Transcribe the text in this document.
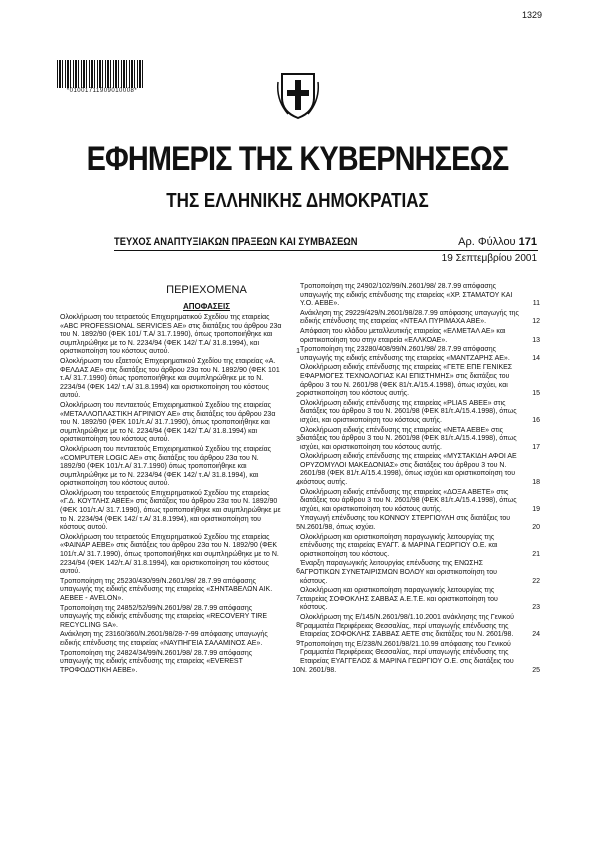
1329
*01001711909010008*
ΕΦΗΜΕΡΙΣ ΤΗΣ ΚΥΒΕΡΝΗΣΕΩΣ
ΤΗΣ ΕΛΛΗΝΙΚΗΣ ΔΗΜΟΚΡΑΤΙΑΣ
ΤΕΥΧΟΣ ΑΝΑΠΤΥΞΙΑΚΩΝ ΠΡΑΞΕΩΝ ΚΑΙ ΣΥΜΒΑΣΕΩΝ	Αρ. Φύλλου 171
19 Σεπτεμβρίου 2001
ΠΕΡΙΕΧΟΜΕΝΑ
ΑΠΟΦΑΣΕΙΣ
Ολοκλήρωση του τετραετούς Επιχειρηματικού Σχεδίου της εταιρείας «ABC PROFESSIONAL SERVICES AE» στις διατάξεις του άρθρου 23α του Ν. 1892/90 (ΦΕΚ 101/ Τ.Α/ 31.7.1990), όπως τροποποιήθηκε και συμπληρώθηκε με το Ν. 2234/94 (ΦΕΚ 142/ Τ.Α/ 31.8.1994), και οριστικοποίηση του κόστους αυτού.	1
Ολοκλήρωση του εξαετούς Επιχειρηματικού Σχεδίου της εταιρείας «Α. ΦΕΛΔΑΣ ΑΕ» στις διατάξεις του άρθρου 23α του Ν. 1892/90 (ΦΕΚ 101 τ.Α/ 31.7.1990) όπως τροποποιήθηκε και συμπληρώθηκε με το Ν. 2234/94 (ΦΕΚ 142/ τ.Α/ 31.8.1994) και οριστικοποίηση του κόστους αυτού.	2
Ολοκλήρωση του πενταετούς Επιχειρηματικού Σχεδίου της εταιρείας «ΜΕΤΑΛΛΟΠΛΑΣΤΙΚΗ ΑΓΡΙΝΙΟΥ ΑΕ» στις διατάξεις του άρθρου 23α του Ν. 1892/90 (ΦΕΚ 101/τ.Α/ 31.7.1990), όπως τροποποιήθηκε και συμπληρώθηκε με το Ν. 2234/94 (ΦΕΚ 142/ Τ.Α/ 31.8.1994) και οριστικοποίηση του κόστους αυτού.	3
Ολοκλήρωση του πενταετούς Επιχειρηματικού Σχεδίου της εταιρείας «COMPUTER LOGIC AE» στις διατάξεις του άρθρου 23α του Ν. 1892/90 (ΦΕΚ 101/τ.Α/ 31.7.1990) όπως τροποποιήθηκε και συμπληρώθηκε με το Ν. 2234/94 (ΦΕΚ 142/ τ.Α/ 31.8.1994), και οριστικοποίηση του κόστους αυτού.	4
Ολοκλήρωση του τετραετούς Επιχειρηματικού Σχεδίου της εταιρείας «Γ.Δ. ΚΟΥΤΛΗΣ ΑΒΕΕ» στις διατάξεις του άρθρου 23α του Ν. 1892/90 (ΦΕΚ 101/τ.Α/ 31.7.1990), όπως τροποποιήθηκε και συμπληρώθηκε με το Ν. 2234/94 (ΦΕΚ 142/ τ.Α/ 31.8.1994), και οριστικοποίηση του κόστους αυτού.	5
Ολοκλήρωση του τετραετούς Επιχειρηματικού Σχεδίου της εταιρείας «ΦΑΙΝΑΡ ΑΕΒΕ» στις διατάξεις του άρθρου 23α του Ν. 1892/90 (ΦΕΚ 101/τ.Α/ 31.7.1990), όπως τροποποιήθηκε και συμπληρώθηκε με το Ν. 2234/94 (ΦΕΚ 142/τ.Α/ 31.8.1994), και οριστικοποίηση του κόστους αυτού.	6
Τροποποίηση της 25230/430/99/Ν.2601/98/ 28.7.99 απόφασης υπαγωγής της ειδικής επένδυσης της εταιρείας «ΣΗΝΤΑΒΕΛΩΝ ΑΙΚ. ΑΕΒΕΕ - AVELON».	7
Τροποποίηση της 24852/52/99/Ν.2601/98/ 28.7.99 απόφασης υπαγωγής της ειδικής επένδυσης της εταιρείας «RECOVERY TIRE RECYCLING SA».	8
Ανάκληση της 23160/360/Ν.2601/98/28-7-99 απόφασης υπαγωγής ειδικής επένδυσης της εταιρείας «ΝΑΥΠΗΓΕΙΑ ΣΑΛΑΜΙΝΟΣ ΑΕ».	9
Τροποποίηση της 24824/34/99/Ν.2601/98/ 28.7.99 απόφασης υπαγωγής της ειδικής επένδυσης της εταιρείας «EVEREST ΤΡΟΦΟΔΟΤΙΚΗ ΑΕΒΕ».	10
Τροποποίηση της 24902/102/99/Ν.2601/98/ 28.7.99 απόφασης υπαγωγής της ειδικής επένδυσης της εταιρείας «ΧΡ. ΣΤΑΜΑΤΟΥ ΚΑΙ Υ.Ο. ΑΕΒΕ».	11
Ανάκληση της 29229/429/Ν.2601/98/28.7.99 απόφασης υπαγωγής της ειδικής επένδυσης της εταιρείας «ΝΤΕΑΛ ΠΥΡΙΜΑΧΑ ΑΒΕ».	12
Απόφαση του κλάδου μεταλλευτικής εταιρείας «ΕΛΜΕΤΑΛ ΑΕ» και οριστικοποίηση του στην εταιρεία «ΕΛΛΚΟΑΕ».	13
Τροποποίηση της 23280/408/99/Ν.2601/98/ 28.7.99 απόφασης υπαγωγής της ειδικής επένδυσης της εταιρείας «ΜΑΝΤΖΑΡΗΣ ΑΕ».	14
Ολοκλήρωση ειδικής επένδυσης της εταιρείας «ΓΕΤΕ ΕΠΕ ΓΕΝΙΚΕΣ ΕΦΑΡΜΟΓΕΣ ΤΕΧΝΟΛΟΓΙΑΣ ΚΑΙ ΕΠΙΣΤΗΜΗΣ» στις διατάξεις του άρθρου 3 του Ν. 2601/98 (ΦΕΚ 81/τ.Α/15.4.1998), όπως ισχύει, και οριστικοποίηση του κόστους αυτής.	15
Ολοκλήρωση ειδικής επένδυσης της εταιρείας «PLIAS ΑΒΕΕ» στις διατάξεις του άρθρου 3 του Ν. 2601/98 (ΦΕΚ 81/τ.Α/15.4.1998), όπως ισχύει, και οριστικοποίηση του κόστους αυτής.	16
Ολοκλήρωση ειδικής επένδυσης της εταιρείας «ΝΕΤΑ ΑΕΒΕ» στις διατάξεις του άρθρου 3 του Ν. 2601/98 (ΦΕΚ 81/τ.Α/15.4.1998), όπως ισχύει, και οριστικοποίηση του κόστους αυτής.	17
Ολοκλήρωση ειδικής επένδυσης της εταιρείας «ΜΥΣΤΑΚΙΔΗ ΑΦΟΙ ΑΕ ΟΡΥΖΟΜΥΛΟΙ ΜΑΚΕΔΟΝΙΑΣ» στις διατάξεις του άρθρου 3 του Ν. 2601/98 (ΦΕΚ 81/τ.Α/15.4.1998), όπως ισχύει και οριστικοποίηση του κόστους αυτής.	18
Ολοκλήρωση ειδικής επένδυσης της εταιρείας «ΔΟΞΑ ΑΒΕΤΕ» στις διατάξεις του άρθρου 3 του Ν. 2601/98 (ΦΕΚ 81/τ.Α/15.4.1998), όπως ισχύει, και οριστικοποίηση του κόστους αυτής.	19
Υπαγωγή επένδυσης του ΚΟΝΝΟΥ ΣΤΕΡΓΙΟΥΛΗ στις διατάξεις του Ν.2601/98, όπως ισχύει.	20
Ολοκλήρωση και οριστικοποίηση παραγωγικής λειτουργίας της επένδυσης της εταιρείας ΕΥΑΓΓ. & ΜΑΡΙΝΑ ΓΕΩΡΓΙΟΥ Ο.Ε. και οριστικοποίηση του κόστους.	21
Έναρξη παραγωγικής λειτουργίας επένδυσης της ΕΝΩΣΗΣ ΑΓΡΟΤΙΚΩΝ ΣΥΝΕΤΑΙΡΙΣΜΩΝ ΒΟΛΟΥ και οριστικοποίηση του κόστους.	22
Ολοκλήρωση και οριστικοποίηση παραγωγικής λειτουργίας της εταιρείας ΣΟΦΟΚΛΗΣ ΣΑΒΒΑΣ Α.Ε.Τ.Ε. και οριστικοποίηση του κόστους.	23
Ολοκλήρωση της Ε/145/Ν.2601/98/1.10.2001 ανάκλησης της Γενικού Γραμματέα Περιφέρειας Θεσσαλίας, περί υπαγωγής επένδυσης της Εταιρείας ΣΟΦΟΚΛΗΣ ΣΑΒΒΑΣ ΑΕΤΕ στις διατάξεις του Ν. 2601/98.	24
Τροποποίηση της Ε/238/Ν.2601/98/21.10.99 απόφασης του Γενικού Γραμματέα Περιφέρειας Θεσσαλίας, περί υπαγωγής επένδυσης της Εταιρείας ΕΥΑΓΓΕΛΟΣ & ΜΑΡΙΝΑ ΓΕΩΡΓΙΟΥ Ο.Ε. στις διατάξεις του Ν. 2601/98.	25
